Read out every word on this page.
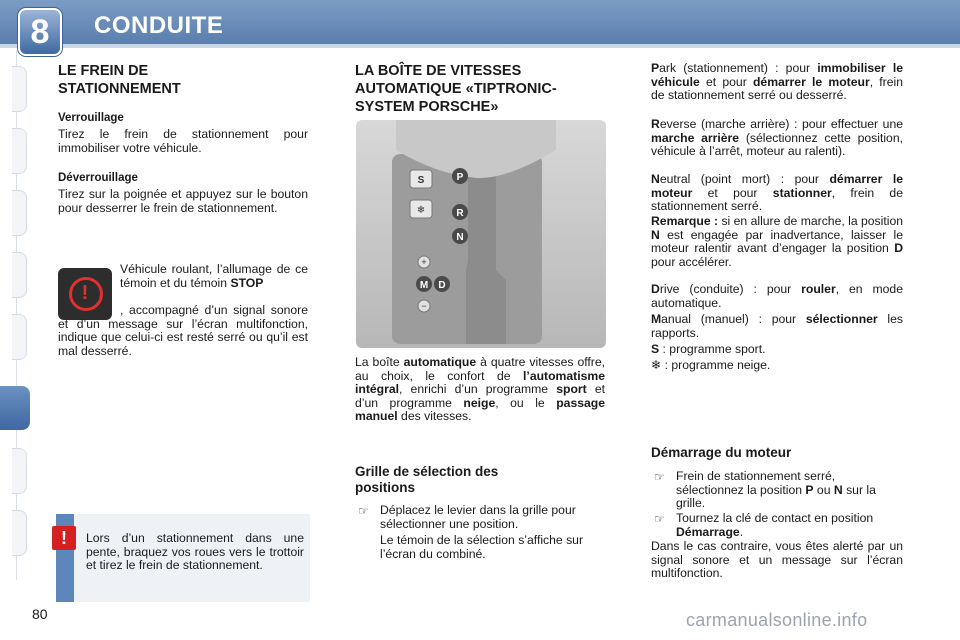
8	CONDUITE
LE FREIN DE
STATIONNEMENT
Verrouillage
Tirez le frein de stationnement pour immobiliser votre véhicule.
Déverrouillage
Tirez sur la poignée et appuyez sur le bouton pour desserrer le frein de stationnement.
!
Véhicule roulant, l’allumage de ce témoin et du témoin STOP
, accompagné d’un signal sonore et d’un message sur l’écran multifonction, indique que celui-ci est resté serré ou qu’il est mal desserré.
!	Lors d’un stationnement dans une pente, braquez vos roues vers le trottoir et tirez le frein de stationnement.
LA BOÎTE DE VITESSES
AUTOMATIQUE «TIPTRONIC-
SYSTEM PORSCHE»
S
❄
P
R
N
D
M
+
−
La boîte automatique à quatre vitesses offre, au choix, le confort de l’automatisme intégral, enrichi d’un programme sport et d’un programme neige, ou le passage manuel des vitesses.
Grille de sélection des
positions
☞ Déplacez le levier dans la grille pour sélectionner une position.
Le témoin de la sélection s’affiche sur l’écran du combiné.
Park (stationnement) : pour immobiliser le véhicule et pour démarrer le moteur, frein de stationnement serré ou desserré.
Reverse (marche arrière) : pour effectuer une marche arrière (sélectionnez cette position, véhicule à l’arrêt, moteur au ralenti).
Neutral (point mort) : pour démarrer le moteur et pour stationner, frein de stationnement serré.
Remarque : si en allure de marche, la position N est engagée par inadvertance, laisser le moteur ralentir avant d’engager la position D pour accélérer.
Drive (conduite) : pour rouler, en mode automatique.
Manual (manuel) : pour sélectionner les rapports.
S : programme sport.
❄ : programme neige.
Démarrage du moteur
☞ Frein de stationnement serré, sélectionnez la position P ou N sur la grille.
☞ Tournez la clé de contact en position Démarrage.
Dans le cas contraire, vous êtes alerté par un signal sonore et un message sur l’écran multifonction.
80	carmanualsonline.info
